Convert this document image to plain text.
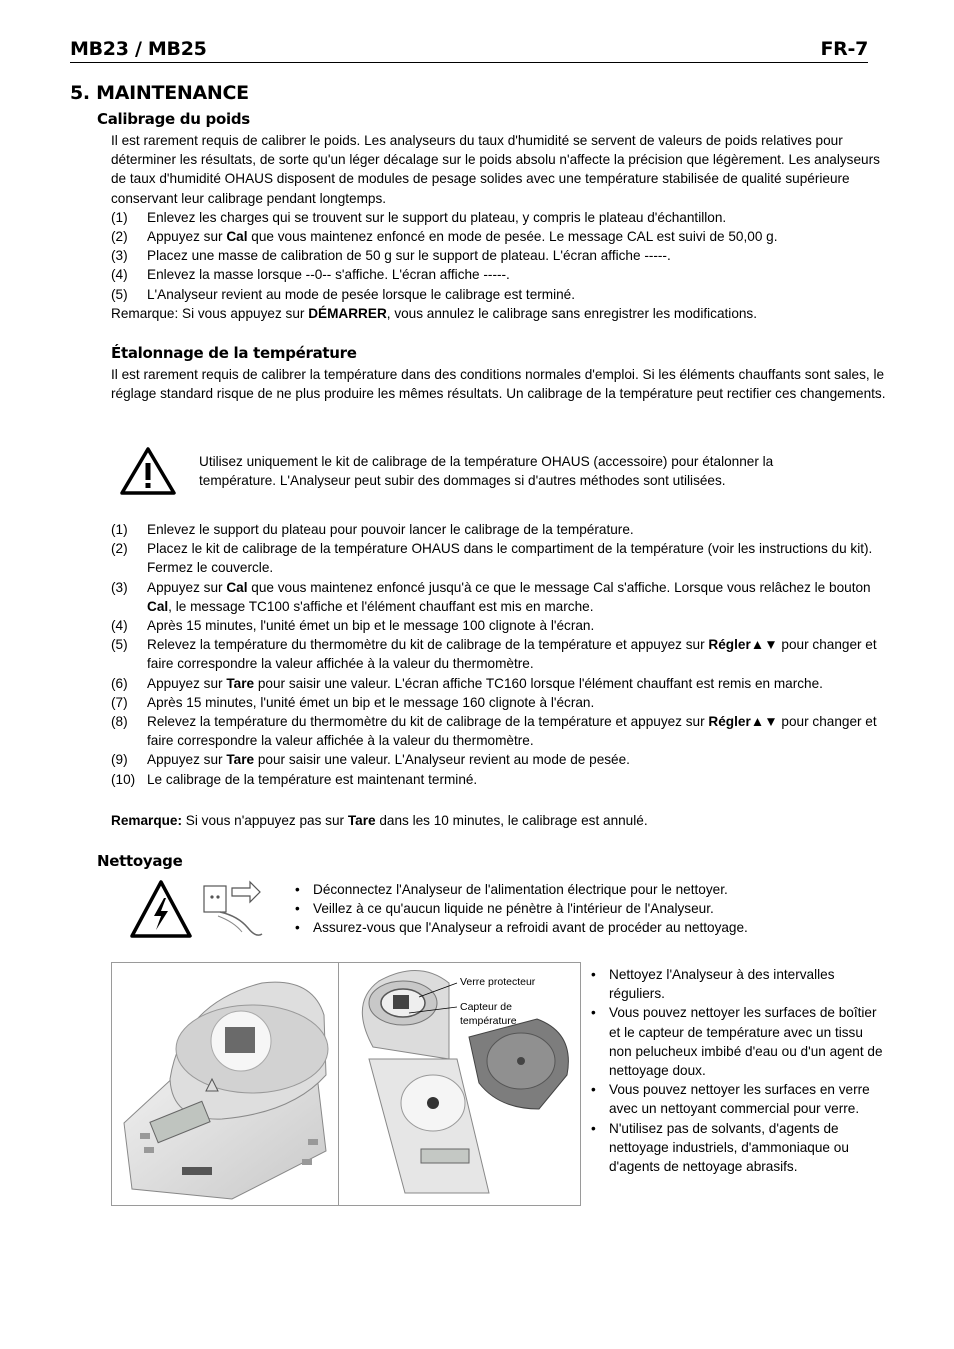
MB23 / MB25	FR-7
5. MAINTENANCE
Calibrage du poids

Il est rarement requis de calibrer le poids. Les analyseurs du taux d'humidité se servent de valeurs de poids relatives pour déterminer les résultats, de sorte qu'un léger décalage sur le poids absolu n'affecte la précision que légèrement. Les analyseurs de taux d'humidité OHAUS disposent de modules de pesage solides avec une température stabilisée de qualité supérieure conservant leur calibrage pendant longtemps.

(1) Enlevez les charges qui se trouvent sur le support du plateau, y compris le plateau d'échantillon.

(2) Appuyez sur Cal que vous maintenez enfoncé en mode de pesée. Le message CAL est suivi de 50,00 g.

(3) Placez une masse de calibration de 50 g sur le support de plateau. L'écran affiche -----.

(4) Enlevez la masse lorsque --0-- s'affiche. L'écran affiche -----.

(5) L'Analyseur revient au mode de pesée lorsque le calibrage est terminé.

Remarque: Si vous appuyez sur DÉMARRER, vous annulez le calibrage sans enregistrer les modifications.

Étalonnage de la température
Il est rarement requis de calibrer la température dans des conditions normales d'emploi. Si les éléments chauffants sont sales, le réglage standard risque de ne plus produire les mêmes résultats. Un calibrage de la température peut rectifier ces changements.
Utilisez uniquement le kit de calibrage de la température OHAUS (accessoire) pour étalonner la température. L'Analyseur peut subir des dommages si d'autres méthodes sont utilisées.

(1) Enlevez le support du plateau pour pouvoir lancer le calibrage de la température.

(2) Placez le kit de calibrage de la température OHAUS dans le compartiment de la température (voir les instructions du kit). Fermez le couvercle.

(3) Appuyez sur Cal que vous maintenez enfoncé jusqu'à ce que le message Cal s'affiche. Lorsque vous relâchez le bouton Cal, le message TC100 s'affiche et l'élément chauffant est mis en marche.

(4) Après 15 minutes, l'unité émet un bip et le message 100 clignote à l'écran.

(5) Relevez la température du thermomètre du kit de calibrage de la température et appuyez sur Régler▲▼ pour changer et faire correspondre la valeur affichée à la valeur du thermomètre.

(6) Appuyez sur Tare pour saisir une valeur. L'écran affiche TC160 lorsque l'élément chauffant est remis en marche.

(7) Après 15 minutes, l'unité émet un bip et le message 160 clignote à l'écran.

(8) Relevez la température du thermomètre du kit de calibrage de la température et appuyez sur Régler▲▼ pour changer et faire correspondre la valeur affichée à la valeur du thermomètre.

(9) Appuyez sur Tare pour saisir une valeur. L'Analyseur revient au mode de pesée.

(10) Le calibrage de la température est maintenant terminé.

Remarque: Si vous n'appuyez pas sur Tare dans les 10 minutes, le calibrage est annulé.
Nettoyage

• Déconnectez l'Analyseur de l'alimentation électrique pour le nettoyer.

• Veillez à ce qu'aucun liquide ne pénètre à l'intérieur de l'Analyseur.

• Assurez-vous que l'Analyseur a refroidi avant de procéder au nettoyage.

Verre protecteur
Capteur de
température

• Nettoyez l'Analyseur à des intervalles réguliers.

• Vous pouvez nettoyer les surfaces de boîtier et le capteur de température avec un tissu non pelucheux imbibé d'eau ou d'un agent de nettoyage doux.

• Vous pouvez nettoyer les surfaces en verre avec un nettoyant commercial pour verre.

• N'utilisez pas de solvants, d'agents de nettoyage industriels, d'ammoniaque ou d'agents de nettoyage abrasifs.
